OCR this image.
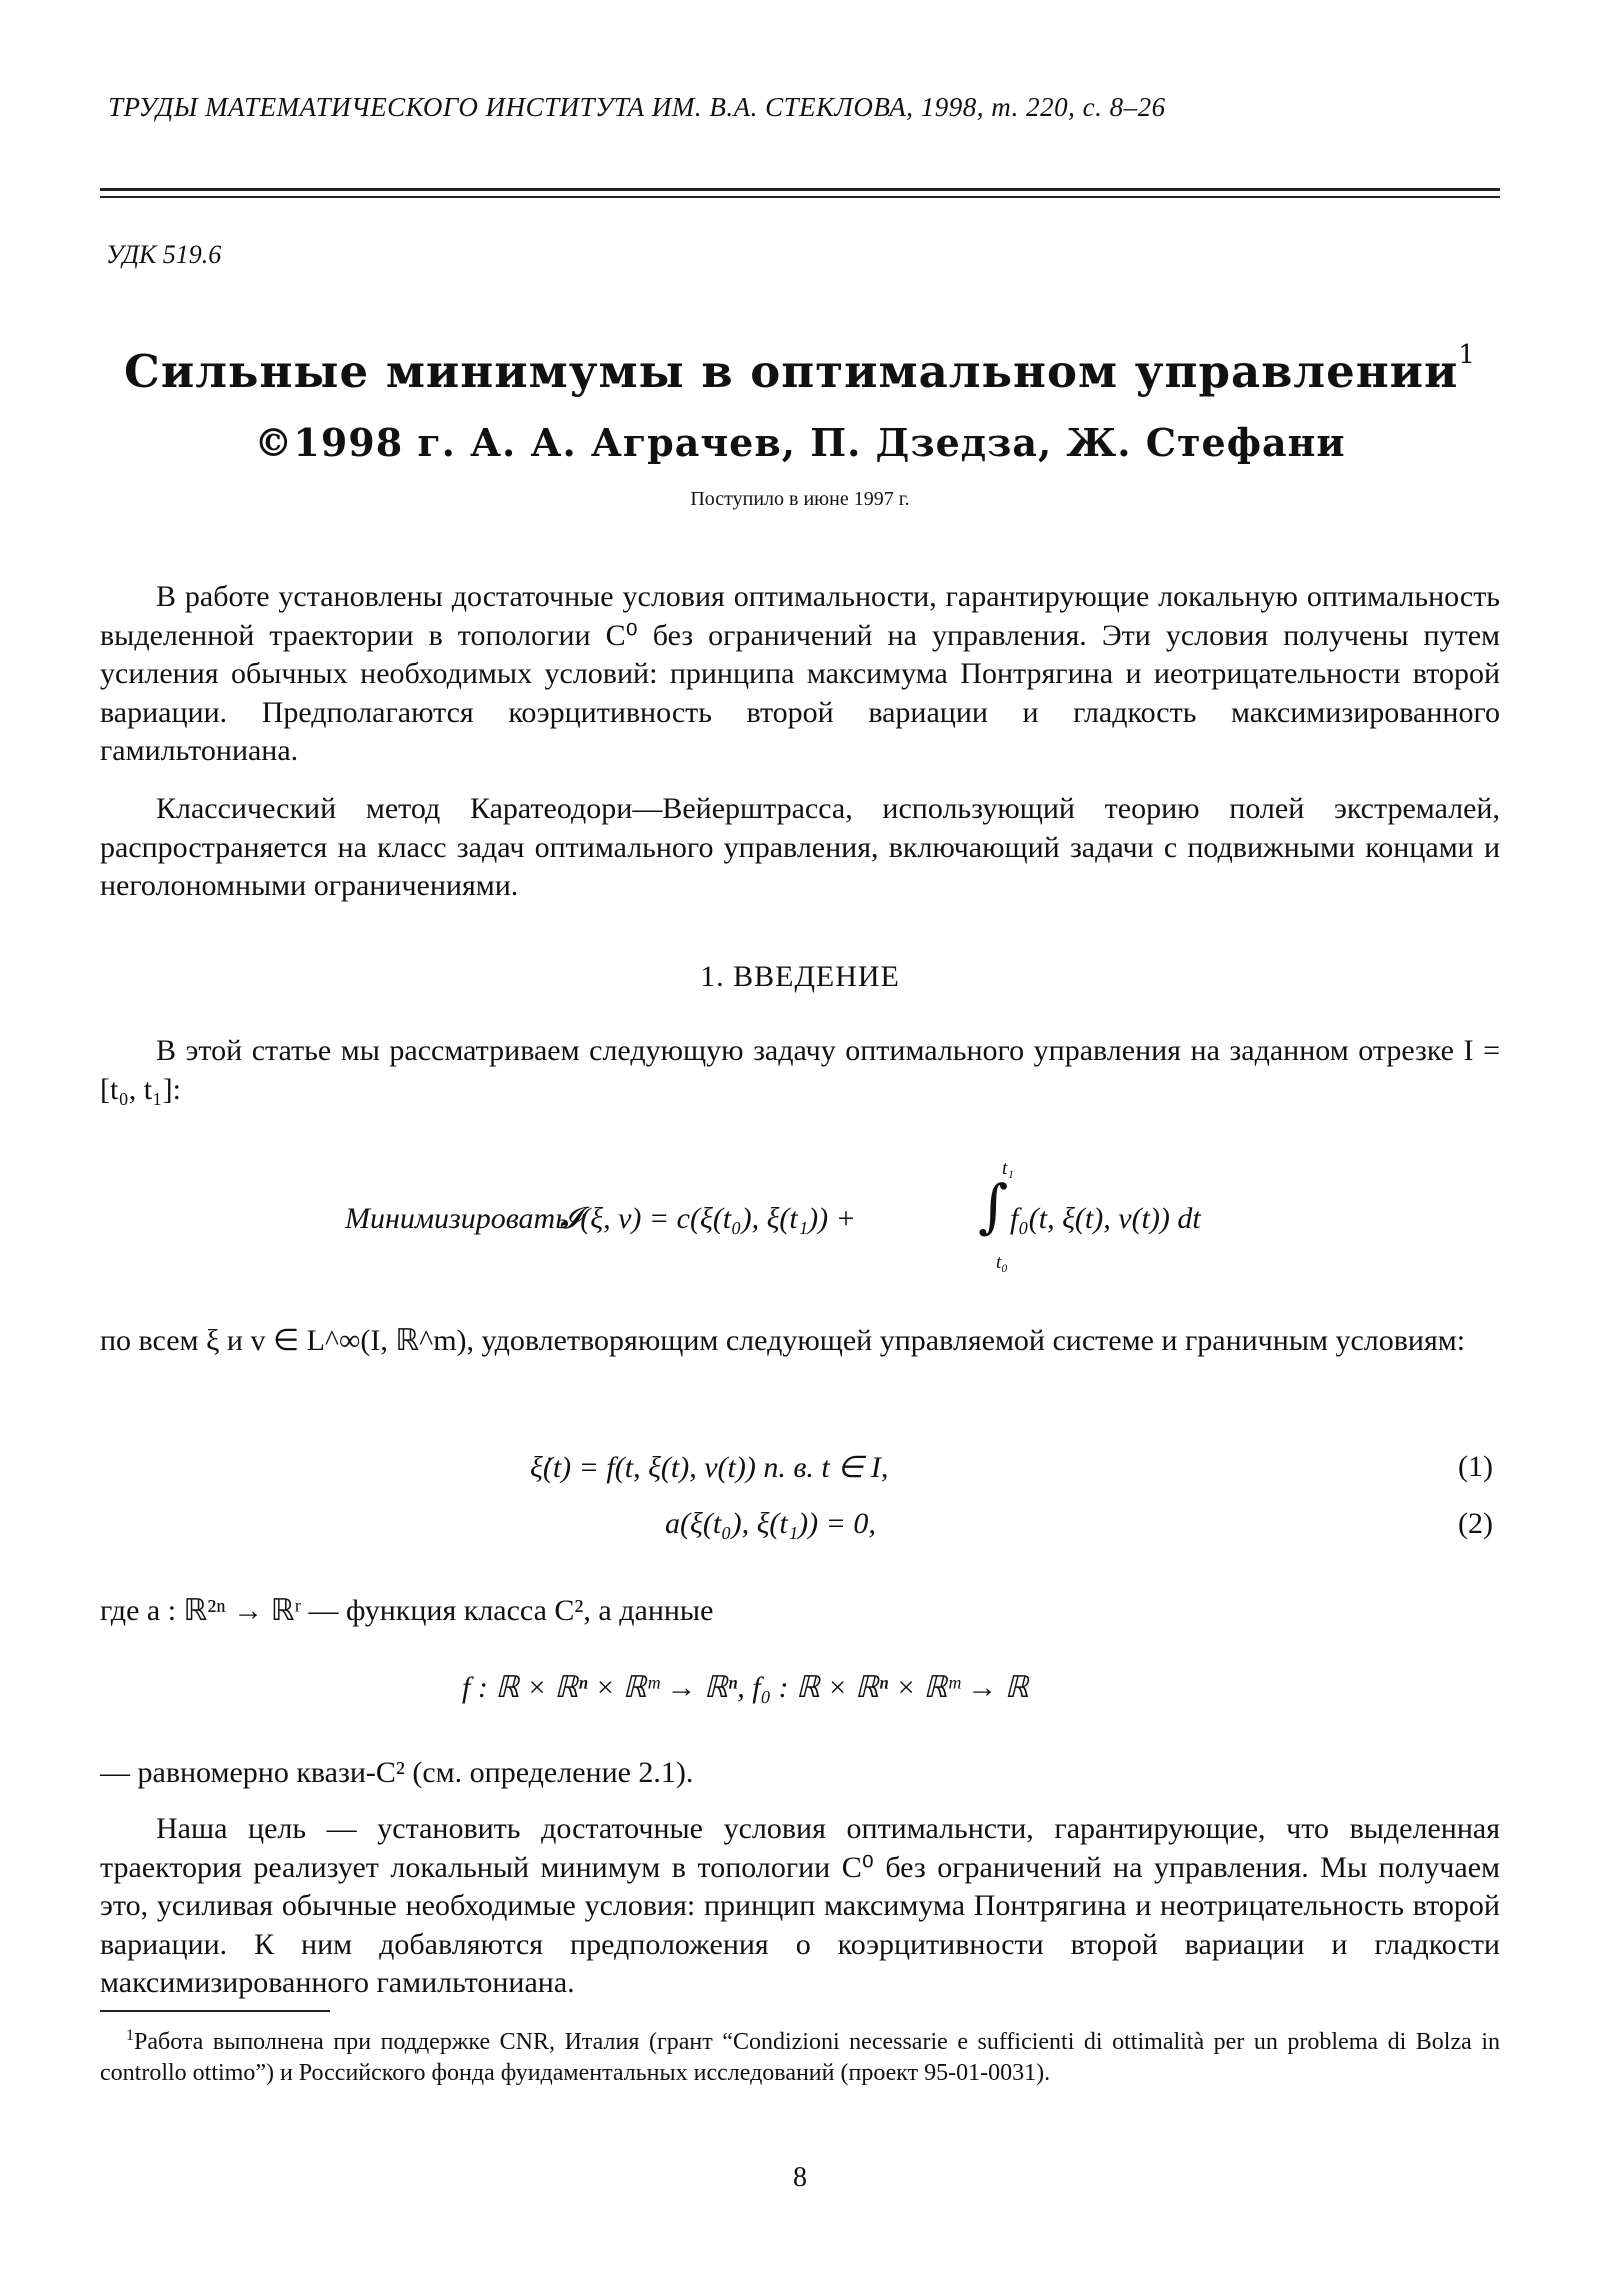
ТРУДЫ МАТЕМАТИЧЕСКОГО ИНСТИТУТА ИМ. В.А. СТЕКЛОВА, 1998, т. 220, с. 8–26
УДК 519.6
Сильные минимумы в оптимальном управлении$^1$
©1998 г. А. А. Аграчев, П. Дзедза, Ж. Стефани
Поступило в июне 1997 г.
В работе установлены достаточные условия оптимальности, гарантирующие локальную оптимальность выделенной траектории в топологии C⁰ без ограничений на управления. Эти условия получены путем усиления обычных необходимых условий: принципа максимума Понтрягина и иеотрицательности второй вариации. Предполагаются коэрцитивность второй вариации и гладкость максимизированного гамильтониана.
Классический метод Каратеодори—Вейерштрасса, использующий теорию полей экстремалей, распространяется на класс задач оптимального управления, включающий задачи с подвижными концами и неголономными ограничениями.
1. ВВЕДЕНИЕ
В этой статье мы рассматриваем следующую задачу оптимального управления на заданном отрезке I = [t₀, t₁]:
Минимизировать
𝓘(ξ, v) = c(ξ(t₀), ξ(t₁)) + ∫
t₁
t₀
f₀(t, ξ(t), v(t)) dt
по всем ξ и v ∈ L^∞(I, ℝ^m), удовлетворяющим следующей управляемой системе и граничным условиям:
ξ̇(t) = f(t, ξ(t), v(t)) п. в. t ∈ I,	(1)
a(ξ(t₀), ξ(t₁)) = 0,	(2)
где a : ℝ²ⁿ → ℝʳ — функция класса C², а данные
f : ℝ × ℝⁿ × ℝᵐ → ℝⁿ, f₀ : ℝ × ℝⁿ × ℝᵐ → ℝ
— равномерно квази-C² (см. определение 2.1).
Наша цель — установить достаточные условия оптимальнсти, гарантирующие, что выделенная траектория реализует локальный минимум в топологии C⁰ без ограничений на управления. Мы получаем это, усиливая обычные необходимые условия: принцип максимума Понтрягина и неотрицательность второй вариации. К ним добавляются предположения о коэрцитивности второй вариации и гладкости максимизированного гамильтониана.
$^1$Работа выполнена при поддержке CNR, Италия (грант “Condizioni necessarie e sufficienti di ottimalità per un problema di Bolza in controllo ottimo”) и Российского фонда фуидаментальных исследований (проект 95-01-0031).
8
